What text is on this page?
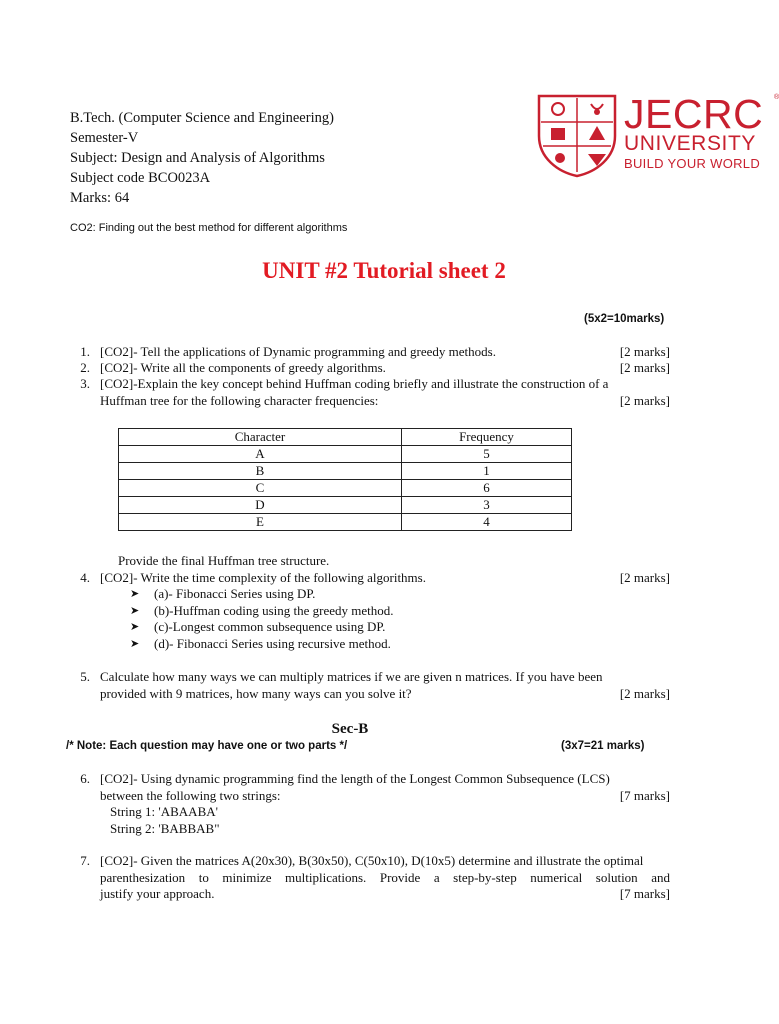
B.Tech. (Computer Science and Engineering)
Semester-V
Subject: Design and Analysis of Algorithms
Subject code BCO023A
Marks: 64
JECRC ®
UNIVERSITY
BUILD YOUR WORLD
CO2: Finding out the best method for different algorithms
UNIT #2 Tutorial sheet 2
(5x2=10marks)
1. [CO2]- Tell the applications of Dynamic programming and greedy methods.	[2 marks]
2. [CO2]- Write all the components of greedy algorithms.	[2 marks]
3. [CO2]-Explain the key concept behind Huffman coding briefly and illustrate the construction of a
Huffman tree for the following character frequencies:	[2 marks]
Character	Frequency
A	5
B	1
C	6
D	3
E	4
Provide the final Huffman tree structure.
4. [CO2]- Write the time complexity of the following algorithms.	[2 marks]
➤ (a)- Fibonacci Series using DP.
➤ (b)-Huffman coding using the greedy method.
➤ (c)-Longest common subsequence using DP.
➤ (d)- Fibonacci Series using recursive method.
5. Calculate how many ways we can multiply matrices if we are given n matrices. If you have been
provided with 9 matrices, how many ways can you solve it?	[2 marks]
Sec-B
/* Note: Each question may have one or two parts */	(3x7=21 marks)
6. [CO2]- Using dynamic programming find the length of the Longest Common Subsequence (LCS)
between the following two strings:	[7 marks]
String 1: 'ABAABA'
String 2: 'BABBAB"
7. [CO2]- Given the matrices A(20x30), B(30x50), C(50x10), D(10x5) determine and illustrate the optimal
parenthesization to minimize multiplications. Provide a step-by-step numerical solution and
justify your approach.	[7 marks]
